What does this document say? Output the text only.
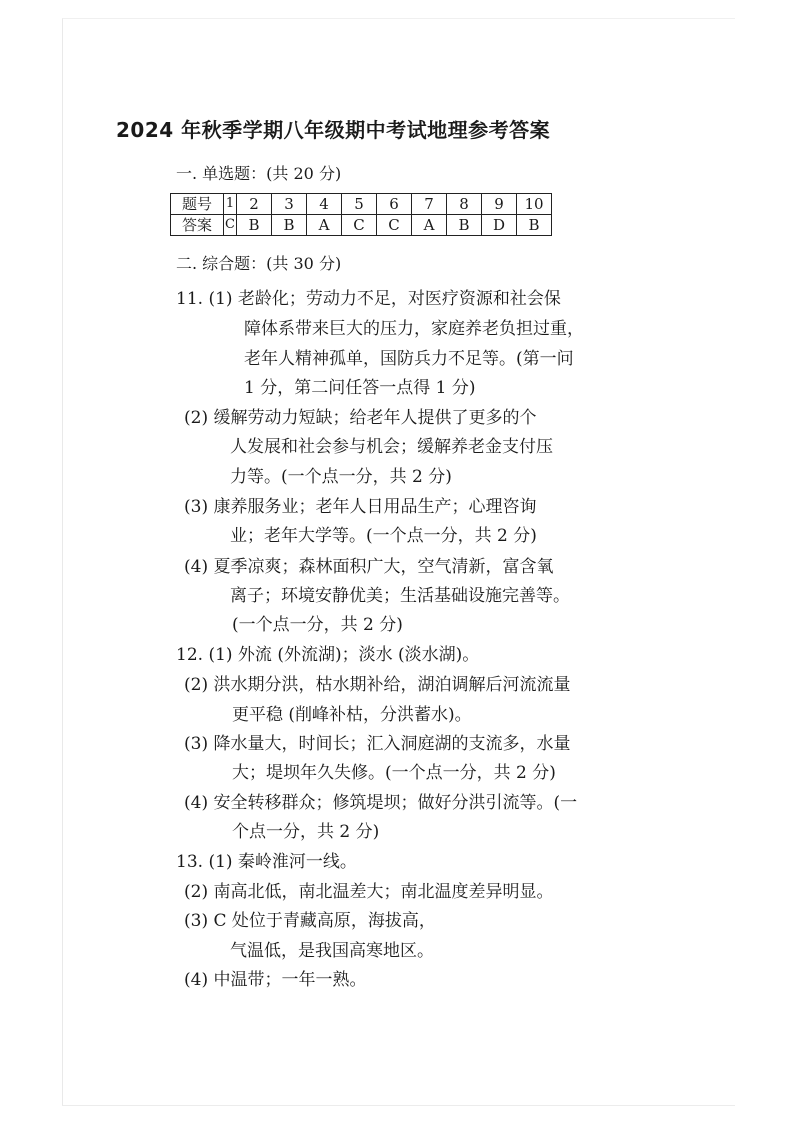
2024 年秋季学期八年级期中考试地理参考答案
一. 单选题：(共 20 分)
题号	1	2	3	4	5	6	7	8	9	10
答案	C	B	B	A	C	C	A	B	D	B
二. 综合题：(共 30 分)
11. (1) 老龄化；劳动力不足，对医疗资源和社会保
障体系带来巨大的压力，家庭养老负担过重，
老年人精神孤单，国防兵力不足等。(第一问
1 分，第二问任答一点得 1 分)
(2) 缓解劳动力短缺；给老年人提供了更多的个
人发展和社会参与机会；缓解养老金支付压
力等。(一个点一分，共 2 分)
(3) 康养服务业；老年人日用品生产；心理咨询
业；老年大学等。(一个点一分，共 2 分)
(4) 夏季凉爽；森林面积广大，空气清新，富含氧
离子；环境安静优美；生活基础设施完善等。
(一个点一分，共 2 分)
12. (1) 外流 (外流湖)；淡水 (淡水湖)。
(2) 洪水期分洪，枯水期补给，湖泊调解后河流流量
更平稳 (削峰补枯，分洪蓄水)。
(3) 降水量大，时间长；汇入洞庭湖的支流多，水量
大；堤坝年久失修。(一个点一分，共 2 分)
(4) 安全转移群众；修筑堤坝；做好分洪引流等。(一
个点一分，共 2 分)
13. (1) 秦岭淮河一线。
(2) 南高北低，南北温差大；南北温度差异明显。
(3) C 处位于青藏高原，海拔高，
气温低，是我国高寒地区。
(4) 中温带；一年一熟。
